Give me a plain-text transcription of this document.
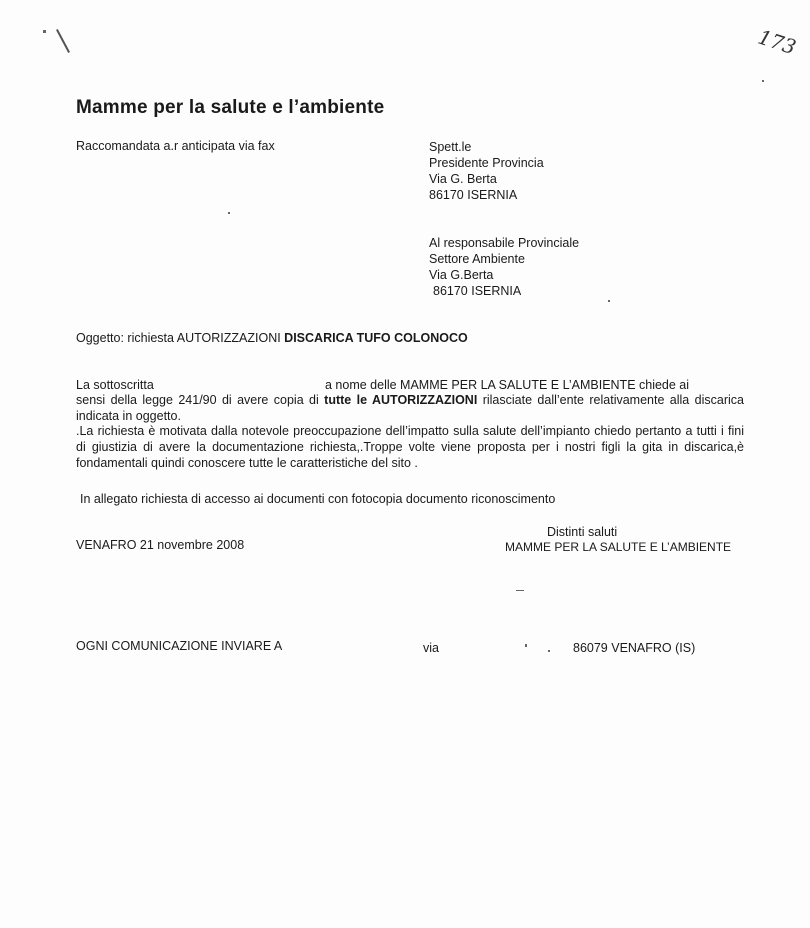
173
Mamme per la salute e l’ambiente
Raccomandata a.r anticipata via fax	Spett.le
Presidente Provincia
Via G. Berta
86170 ISERNIA
Al responsabile Provinciale
Settore Ambiente
Via G.Berta
86170 ISERNIA
Oggetto: richiesta AUTORIZZAZIONI DISCARICA TUFO COLONOCO
La sottoscritta	a nome delle MAMME PER LA SALUTE E L’AMBIENTE chiede ai
sensi della legge 241/90 di avere copia di tutte le AUTORIZZAZIONI rilasciate dall’ente relativamente alla discarica indicata in oggetto.
.La richiesta è motivata dalla notevole preoccupazione dell’impatto sulla salute dell’impianto chiedo pertanto a tutti i fini di giustizia di avere la documentazione richiesta,.Troppe volte viene proposta per i nostri figli la gita in discarica,è fondamentali quindi conoscere tutte le caratteristiche del sito .
In allegato richiesta di accesso ai documenti con fotocopia documento riconoscimento
VENAFRO 21 novembre 2008
Distinti saluti
MAMME PER LA SALUTE E L’AMBIENTE
OGNI COMUNICAZIONE INVIARE A	via	86079 VENAFRO (IS)
